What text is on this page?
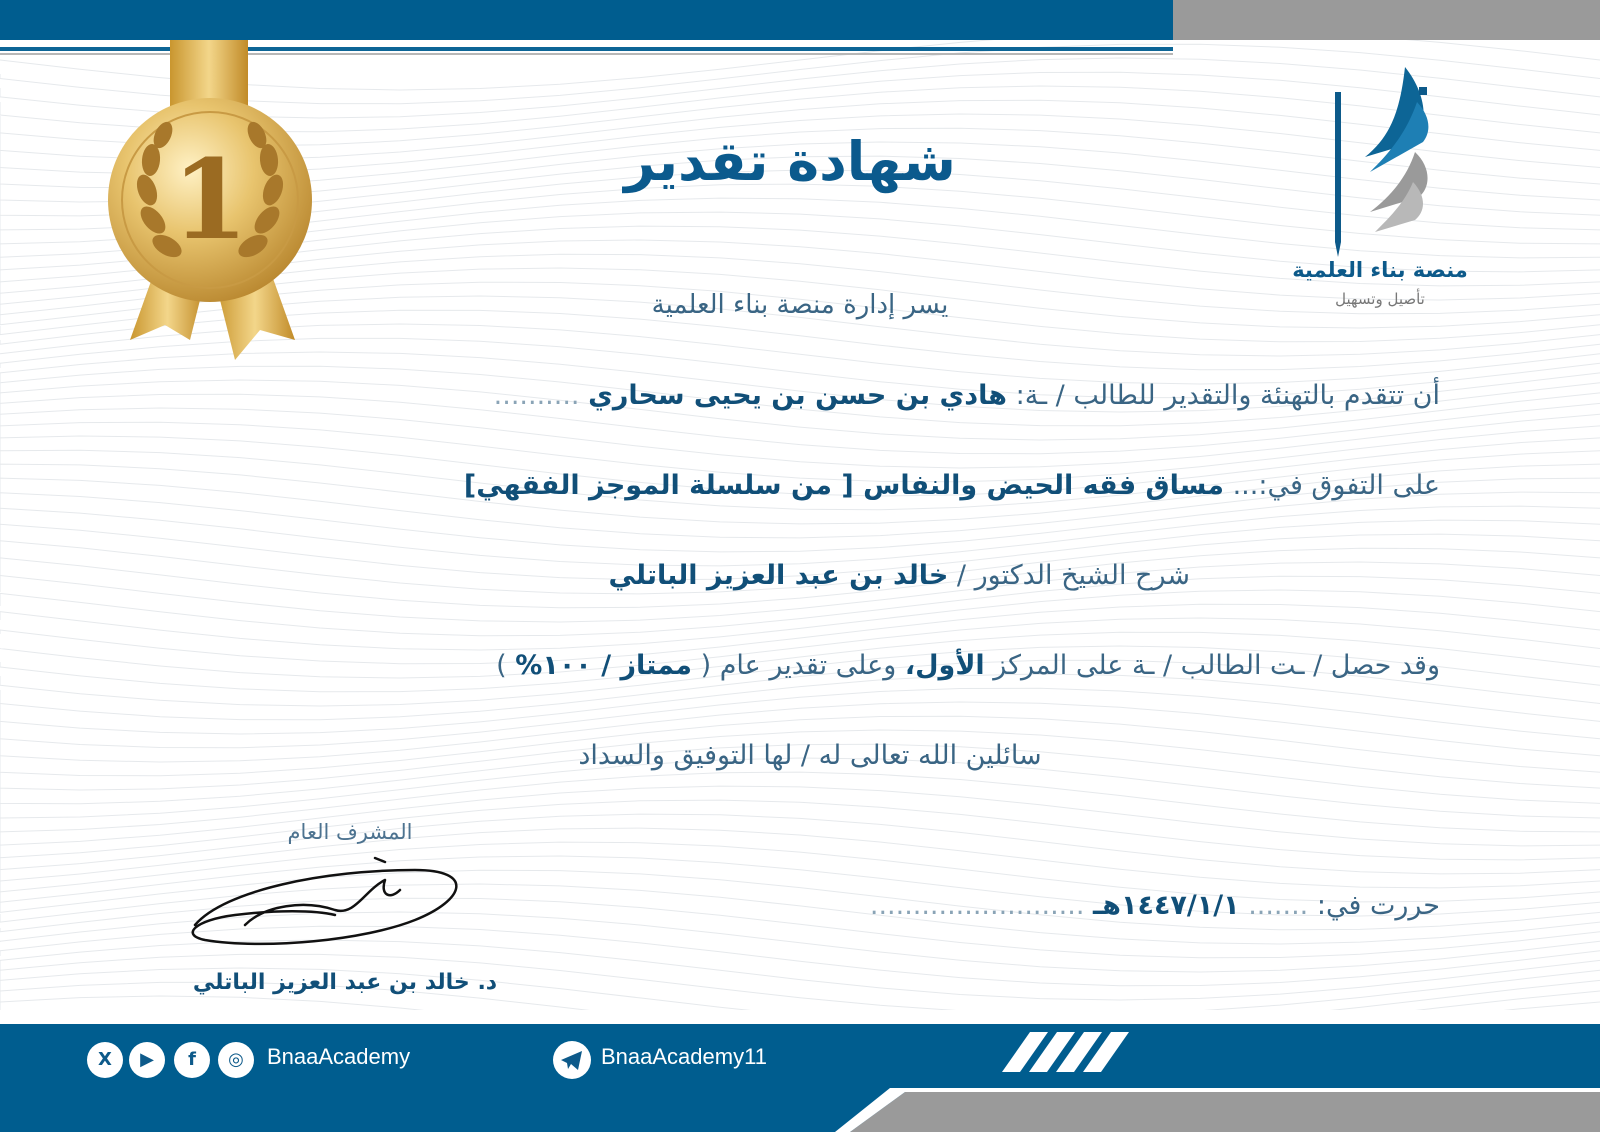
1
منصة بناء العلمية
تأصيل وتسهيل
شهادة تقدير
يسر إدارة منصة بناء العلمية
أن تتقدم بالتهنئة والتقدير للطالب / ـة: هادي بن حسن بن يحيى سحاري ..........
على التفوق في:... مساق فقه الحيض والنفاس [ من سلسلة الموجز الفقهي]
شرح الشيخ الدكتور / خالد بن عبد العزيز الباتلي
وقد حصل / ـت الطالب / ـة على المركز الأول، وعلى تقدير عام ( ممتاز / ١٠٠% )
سائلين الله تعالى له / لها التوفيق والسداد
المشرف العام
د. خالد بن عبد العزيز الباتلي
حررت في: ....... ١٤٤٧/١/١هـ .........................
X	▶	f	◎	BnaaAcademy	BnaaAcademy11
